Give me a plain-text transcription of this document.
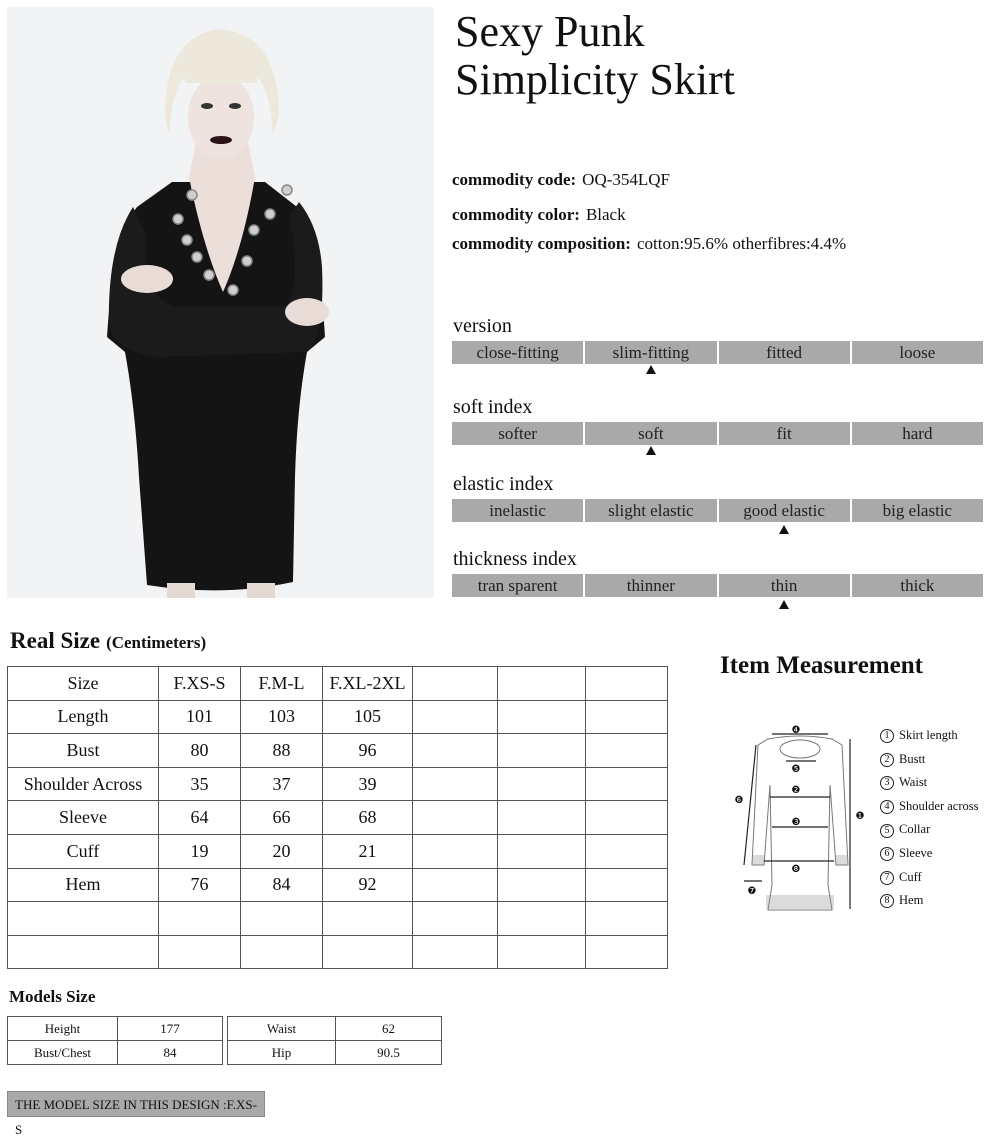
Sexy Punk
Simplicity Skirt
commodity code: OQ-354LQF
commodity color: Black
commodity composition: cotton:95.6% otherfibres:4.4%
version
close-fitting	slim-fitting	fitted	loose
soft index
softer	soft	fit	hard
elastic index
inelastic	slight elastic	good elastic	big elastic
thickness index
tran sparent	thinner	thin	thick
Real Size (Centimeters)
Size	F.XS-S	F.M-L	F.XL-2XL			
Length	101	103	105			
Bust	80	88	96			
Shoulder Across	35	37	39			
Sleeve	64	66	68			
Cuff	19	20	21			
Hem	76	84	92			

Item Measurement
❹
❺
❷
❸
❽
❶
❻
❼
1 Skirt length
2 Bustt
3 Waist
4 Shoulder across
5 Collar
6 Sleeve
7 Cuff
8 Hem
Models Size
Height	177
Bust/Chest	84
Waist	62
Hip	90.5
THE MODEL SIZE IN THIS DESIGN :F.XS-S
